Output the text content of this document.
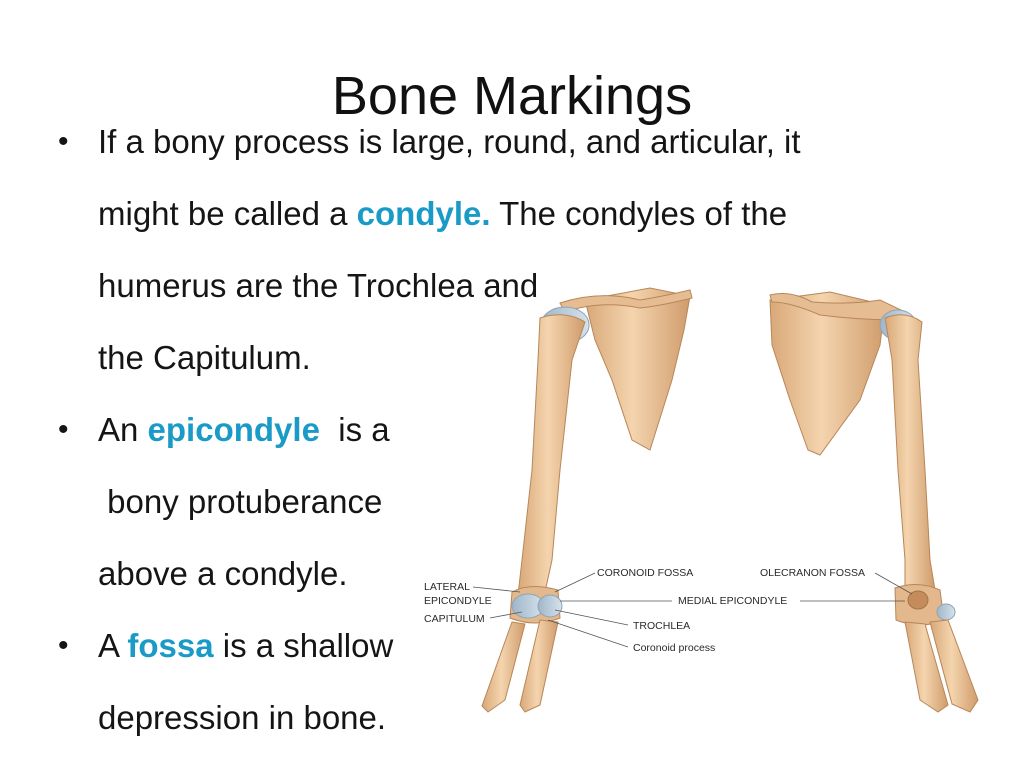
Bone Markings
LATERAL
EPICONDYLE
CAPITULUM
CORONOID FOSSA	OLECRANON FOSSA
MEDIAL EPICONDYLE
TROCHLEA
Coronoid process
• If a bony process is large, round, and articular, it
might be called a condyle. The condyles of the
humerus are the Trochlea and
the Capitulum.
• An epicondyle  is a
bony protuberance
above a condyle.
• A fossa is a shallow
depression in bone.
